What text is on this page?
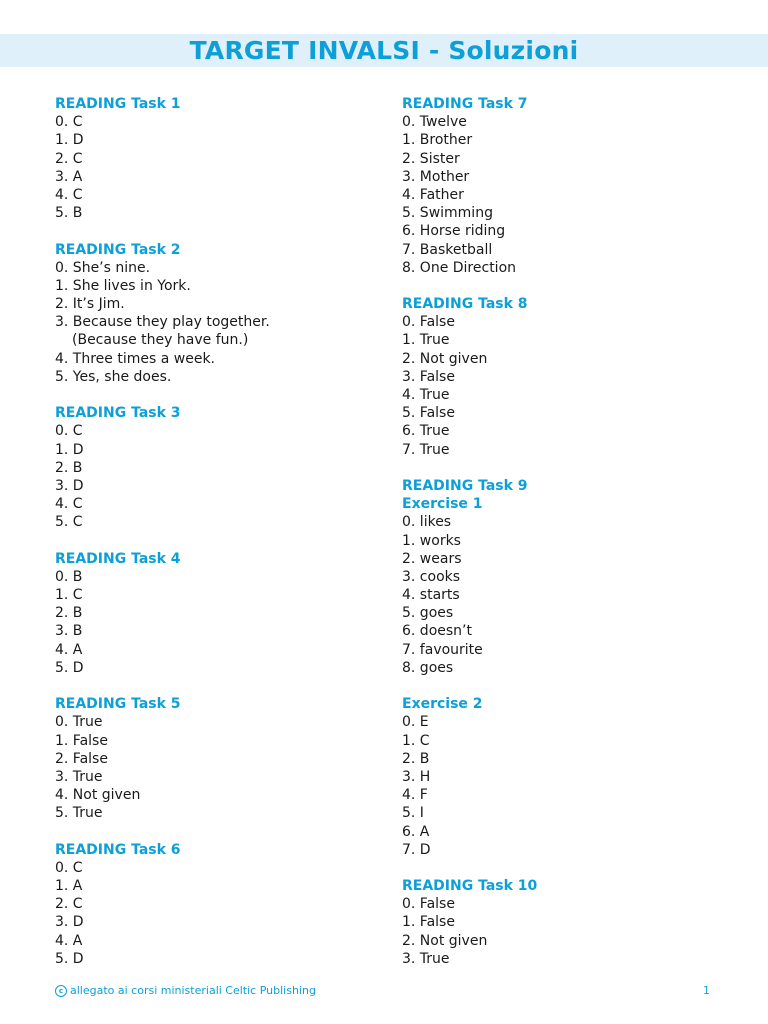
TARGET INVALSI - Soluzioni
READING Task 1
0. C
1. D
2. C
3. A
4. C
5. B
READING Task 2
0. She’s nine.
1. She lives in York.
2. It’s Jim.
3. Because they play together.
(Because they have fun.)
4. Three times a week.
5. Yes, she does.
READING Task 3
0. C
1. D
2. B
3. D
4. C
5. C
READING Task 4
0. B
1. C
2. B
3. B
4. A
5. D
READING Task 5
0. True
1. False
2. False
3. True
4. Not given
5. True
READING Task 6
0. C
1. A
2. C
3. D
4. A
5. D
READING Task 7
0. Twelve
1. Brother
2. Sister
3. Mother
4. Father
5. Swimming
6. Horse riding
7. Basketball
8. One Direction
READING Task 8
0. False
1. True
2. Not given
3. False
4. True
5. False
6. True
7. True
READING Task 9
Exercise 1
0. likes
1. works
2. wears
3. cooks
4. starts
5. goes
6. doesn’t
7. favourite
8. goes
Exercise 2
0. E
1. C
2. B
3. H
4. F
5. I
6. A
7. D
READING Task 10
0. False
1. False
2. Not given
3. True
c allegato ai corsi ministeriali Celtic Publishing	1
